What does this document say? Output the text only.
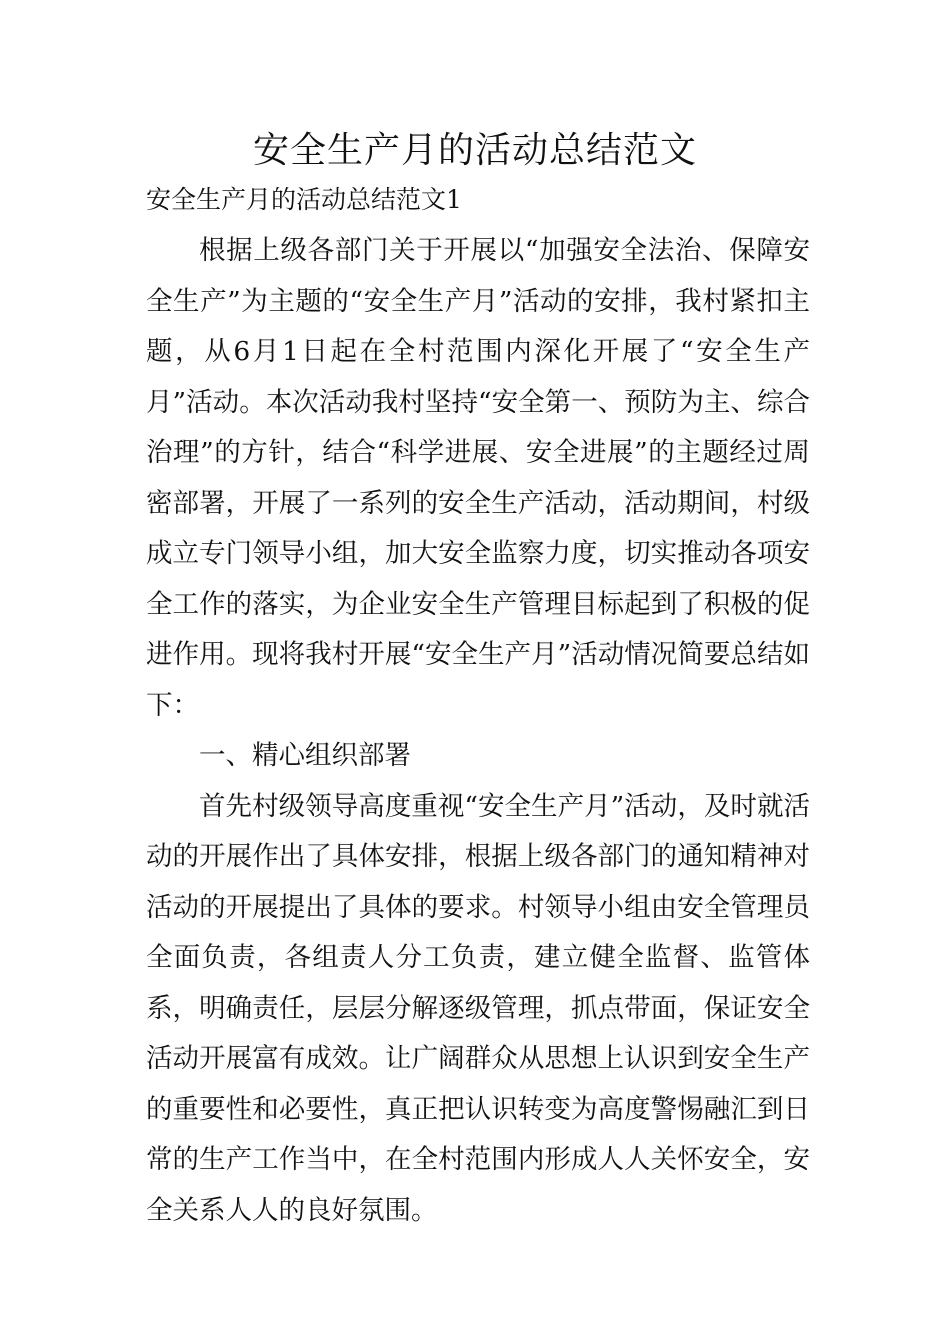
安全生产月的活动总结范文

安全生产月的活动总结范文1

根据上级各部门关于开展以“加强安全法治、保障安全生产”为主题的“安全生产月”活动的安排，我村紧扣主题，从6月1日起在全村范围内深化开展了“安全生产月”活动。本次活动我村坚持“安全第一、预防为主、综合治理”的方针，结合“科学进展、安全进展”的主题经过周密部署，开展了一系列的安全生产活动，活动期间，村级成立专门领导小组，加大安全监察力度，切实推动各项安全工作的落实，为企业安全生产管理目标起到了积极的促进作用。现将我村开展“安全生产月”活动情况简要总结如下：

一、精心组织部署

首先村级领导高度重视“安全生产月”活动，及时就活动的开展作出了具体安排，根据上级各部门的通知精神对活动的开展提出了具体的要求。村领导小组由安全管理员全面负责，各组责人分工负责，建立健全监督、监管体系，明确责任，层层分解逐级管理，抓点带面，保证安全活动开展富有成效。让广阔群众从思想上认识到安全生产的重要性和必要性，真正把认识转变为高度警惕融汇到日常的生产工作当中，在全村范围内形成人人关怀安全，安全关系人人的良好氛围。
